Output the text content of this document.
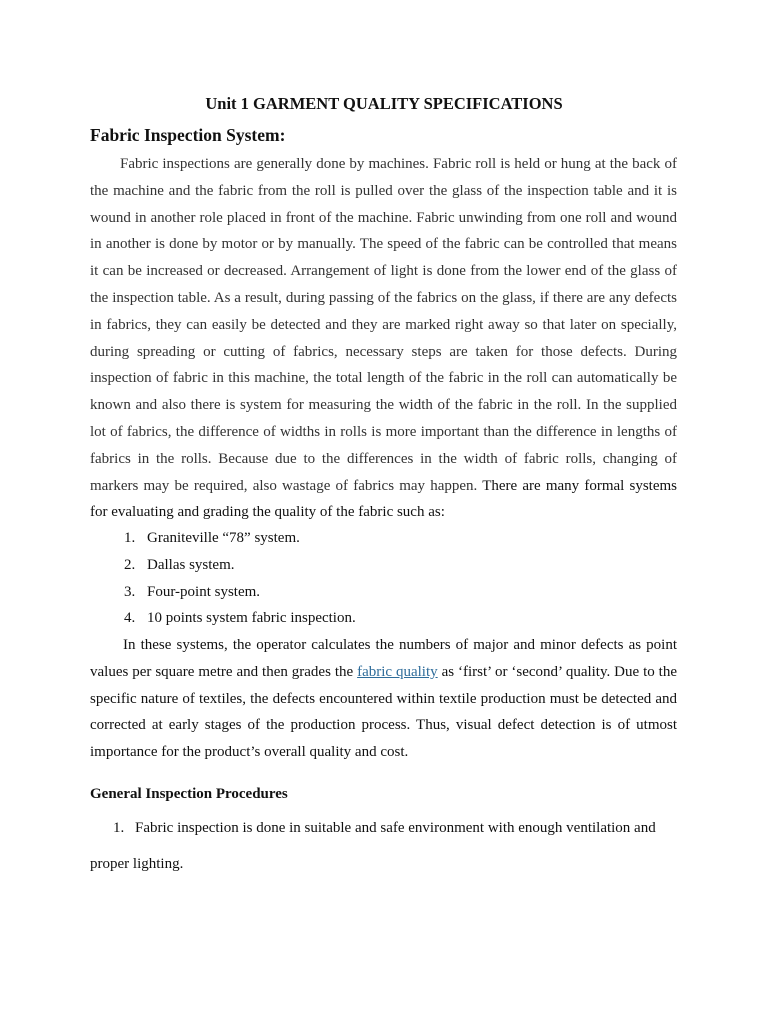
Unit 1 GARMENT QUALITY SPECIFICATIONS
Fabric Inspection System:
Fabric inspections are generally done by machines. Fabric roll is held or hung at the back of the machine and the fabric from the roll is pulled over the glass of the inspection table and it is wound in another role placed in front of the machine. Fabric unwinding from one roll and wound in another is done by motor or by manually. The speed of the fabric can be controlled that means it can be increased or decreased. Arrangement of light is done from the lower end of the glass of the inspection table. As a result, during passing of the fabrics on the glass, if there are any defects in fabrics, they can easily be detected and they are marked right away so that later on specially, during spreading or cutting of fabrics, necessary steps are taken for those defects. During inspection of fabric in this machine, the total length of the fabric in the roll can automatically be known and also there is system for measuring the width of the fabric in the roll. In the supplied lot of fabrics, the difference of widths in rolls is more important than the difference in lengths of fabrics in the rolls. Because due to the differences in the width of fabric rolls, changing of markers may be required, also wastage of fabrics may happen. There are many formal systems for evaluating and grading the quality of the fabric such as:
1. Graniteville “78” system.
2. Dallas system.
3. Four-point system.
4. 10 points system fabric inspection.
In these systems, the operator calculates the numbers of major and minor defects as point values per square metre and then grades the fabric quality as ‘first’ or ‘second’ quality. Due to the specific nature of textiles, the defects encountered within textile production must be detected and corrected at early stages of the production process. Thus, visual defect detection is of utmost importance for the product’s overall quality and cost.
General Inspection Procedures
1. Fabric inspection is done in suitable and safe environment with enough ventilation and
proper lighting.
